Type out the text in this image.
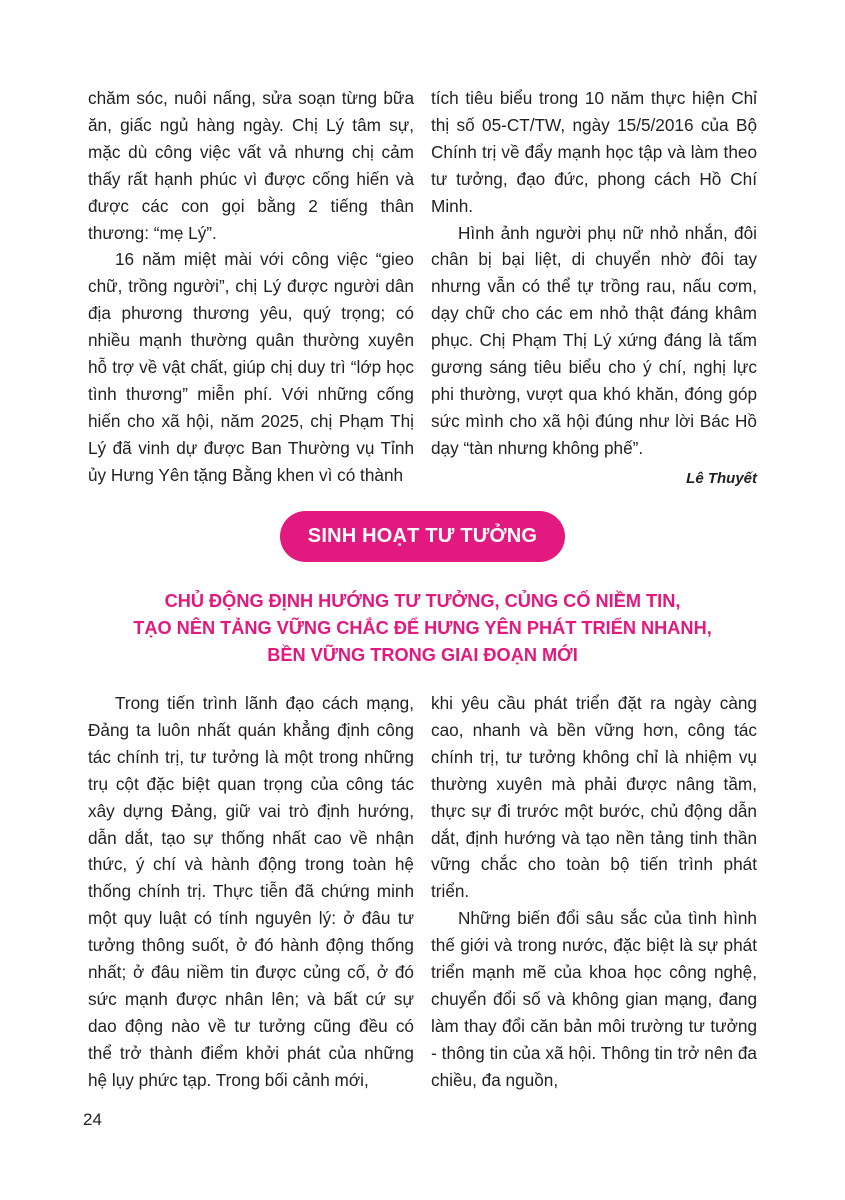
chăm sóc, nuôi nấng, sửa soạn từng bữa ăn, giấc ngủ hàng ngày. Chị Lý tâm sự, mặc dù công việc vất vả nhưng chị cảm thấy rất hạnh phúc vì được cống hiến và được các con gọi bằng 2 tiếng thân thương: “mẹ Lý”.

16 năm miệt mài với công việc “gieo chữ, trồng người”, chị Lý được người dân địa phương thương yêu, quý trọng; có nhiều mạnh thường quân thường xuyên hỗ trợ về vật chất, giúp chị duy trì “lớp học tình thương” miễn phí. Với những cống hiến cho xã hội, năm 2025, chị Phạm Thị Lý đã vinh dự được Ban Thường vụ Tỉnh ủy Hưng Yên tặng Bằng khen vì có thành

tích tiêu biểu trong 10 năm thực hiện Chỉ thị số 05-CT/TW, ngày 15/5/2016 của Bộ Chính trị về đẩy mạnh học tập và làm theo tư tưởng, đạo đức, phong cách Hồ Chí Minh.

Hình ảnh người phụ nữ nhỏ nhắn, đôi chân bị bại liệt, di chuyển nhờ đôi tay nhưng vẫn có thể tự trồng rau, nấu cơm, dạy chữ cho các em nhỏ thật đáng khâm phục. Chị Phạm Thị Lý xứng đáng là tấm gương sáng tiêu biểu cho ý chí, nghị lực phi thường, vượt qua khó khăn, đóng góp sức mình cho xã hội đúng như lời Bác Hồ dạy “tàn nhưng không phế”.

Lê Thuyết

SINH HOẠT TƯ TƯỞNG
CHỦ ĐỘNG ĐỊNH HƯỚNG TƯ TƯỞNG, CỦNG CỐ NIỀM TIN,
TẠO NÊN TẢNG VỮNG CHẮC ĐỂ HƯNG YÊN PHÁT TRIỂN NHANH,
BỀN VỮNG TRONG GIAI ĐOẠN MỚI

Trong tiến trình lãnh đạo cách mạng, Đảng ta luôn nhất quán khẳng định công tác chính trị, tư tưởng là một trong những trụ cột đặc biệt quan trọng của công tác xây dựng Đảng, giữ vai trò định hướng, dẫn dắt, tạo sự thống nhất cao về nhận thức, ý chí và hành động trong toàn hệ thống chính trị. Thực tiễn đã chứng minh một quy luật có tính nguyên lý: ở đâu tư tưởng thông suốt, ở đó hành động thống nhất; ở đâu niềm tin được củng cố, ở đó sức mạnh được nhân lên; và bất cứ sự dao động nào về tư tưởng cũng đều có thể trở thành điểm khởi phát của những hệ lụy phức tạp. Trong bối cảnh mới,

khi yêu cầu phát triển đặt ra ngày càng cao, nhanh và bền vững hơn, công tác chính trị, tư tưởng không chỉ là nhiệm vụ thường xuyên mà phải được nâng tầm, thực sự đi trước một bước, chủ động dẫn dắt, định hướng và tạo nền tảng tinh thần vững chắc cho toàn bộ tiến trình phát triển.

Những biến đổi sâu sắc của tình hình thế giới và trong nước, đặc biệt là sự phát triển mạnh mẽ của khoa học công nghệ, chuyển đổi số và không gian mạng, đang làm thay đổi căn bản môi trường tư tưởng - thông tin của xã hội. Thông tin trở nên đa chiều, đa nguồn,

24
